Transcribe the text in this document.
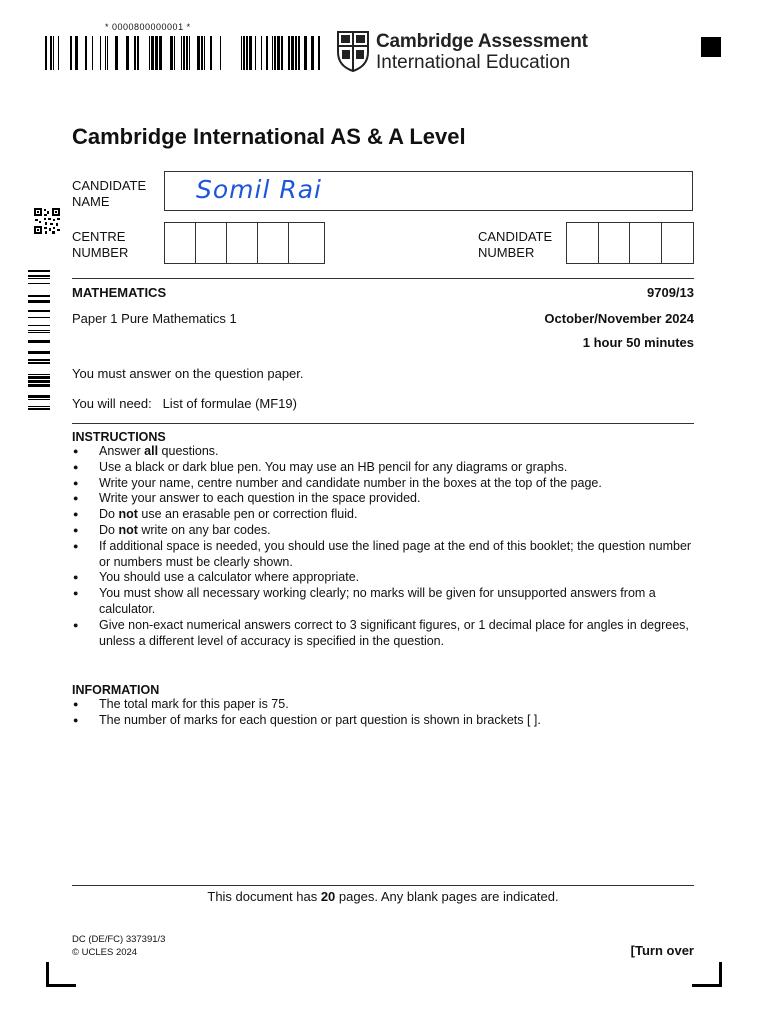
* 0000800000001 *
Cambridge Assessment
International Education
Cambridge International AS & A Level
CANDIDATE
NAME	Somil Rai
CENTRE
NUMBER
CANDIDATE
NUMBER
MATHEMATICS	9709/13
Paper 1 Pure Mathematics 1	October/November 2024
1 hour 50 minutes
You must answer on the question paper.
You will need:   List of formulae (MF19)
INSTRUCTIONS
● Answer all questions.
● Use a black or dark blue pen. You may use an HB pencil for any diagrams or graphs.
● Write your name, centre number and candidate number in the boxes at the top of the page.
● Write your answer to each question in the space provided.
● Do not use an erasable pen or correction fluid.
● Do not write on any bar codes.
● If additional space is needed, you should use the lined page at the end of this booklet; the question number or numbers must be clearly shown.
● You should use a calculator where appropriate.
● You must show all necessary working clearly; no marks will be given for unsupported answers from a calculator.
● Give non-exact numerical answers correct to 3 significant figures, or 1 decimal place for angles in degrees, unless a different level of accuracy is specified in the question.
INFORMATION
● The total mark for this paper is 75.
● The number of marks for each question or part question is shown in brackets [ ].
This document has 20 pages. Any blank pages are indicated.
DC (DE/FC) 337391/3
© UCLES 2024	[Turn over
